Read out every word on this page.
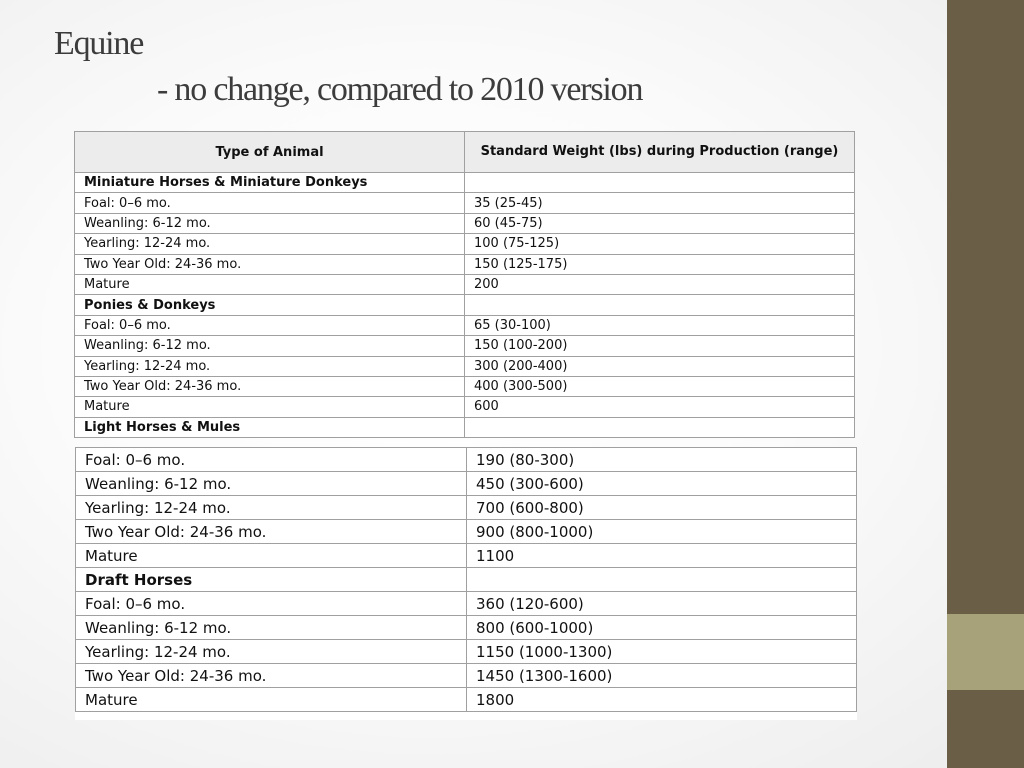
Equine
- no change, compared to 2010 version
Type of Animal	Standard Weight (lbs) during Production (range)
Miniature Horses & Miniature Donkeys	
Foal: 0–6 mo.	35 (25-45)
Weanling: 6-12 mo.	60 (45-75)
Yearling: 12-24 mo.	100 (75-125)
Two Year Old: 24-36 mo.	150 (125-175)
Mature	200
Ponies & Donkeys	
Foal: 0–6 mo.	65 (30-100)
Weanling: 6-12 mo.	150 (100-200)
Yearling: 12-24 mo.	300 (200-400)
Two Year Old: 24-36 mo.	400 (300-500)
Mature	600
Light Horses & Mules	
Foal: 0–6 mo.	190 (80-300)
Weanling: 6-12 mo.	450 (300-600)
Yearling: 12-24 mo.	700 (600-800)
Two Year Old: 24-36 mo.	900 (800-1000)
Mature	1100
Draft Horses	
Foal: 0–6 mo.	360 (120-600)
Weanling: 6-12 mo.	800 (600-1000)
Yearling: 12-24 mo.	1150 (1000-1300)
Two Year Old: 24-36 mo.	1450 (1300-1600)
Mature	1800
